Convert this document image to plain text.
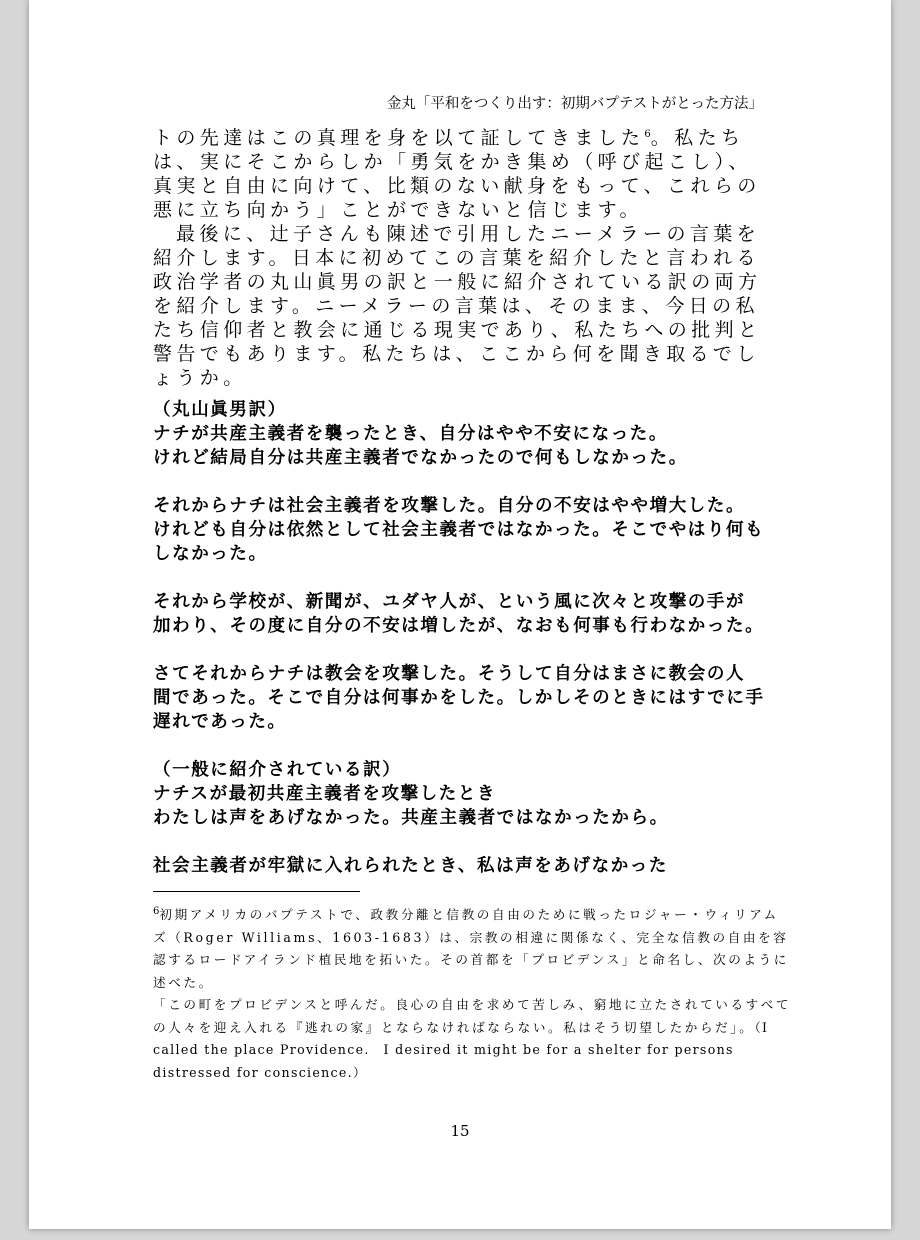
金丸「平和をつくり出す：初期バプテストがとった方法」

トの先達はこの真理を身を以て証してきました$^6$。私たちは、実にそこからしか「勇気をかき集め（呼び起こし）、真実と自由に向けて、比類のない献身をもって、これらの悪に立ち向かう」ことができないと信じます。

最後に、辻子さんも陳述で引用したニーメラーの言葉を紹介します。日本に初めてこの言葉を紹介したと言われる政治学者の丸山眞男の訳と一般に紹介されている訳の両方を紹介します。ニーメラーの言葉は、そのまま、今日の私たち信仰者と教会に通じる現実であり、私たちへの批判と警告でもあります。私たちは、ここから何を聞き取るでしょうか。

（丸山眞男訳）
ナチが共産主義者を襲ったとき、自分はやや不安になった。
けれど結局自分は共産主義者でなかったので何もしなかった。
それからナチは社会主義者を攻撃した。自分の不安はやや増大した。
けれども自分は依然として社会主義者ではなかった。そこでやはり何も
しなかった。
それから学校が、新聞が、ユダヤ人が、という風に次々と攻撃の手が
加わり、その度に自分の不安は増したが、なおも何事も行わなかった。
さてそれからナチは教会を攻撃した。そうして自分はまさに教会の人
間であった。そこで自分は何事かをした。しかしそのときにはすでに手
遅れであった。
（一般に紹介されている訳）
ナチスが最初共産主義者を攻撃したとき
わたしは声をあげなかった。共産主義者ではなかったから。
社会主義者が牢獄に入れられたとき、私は声をあげなかった

$^6$初期アメリカのバプテストで、政教分離と信教の自由のために戦ったロジャー・ウィリアムズ（Roger Williams、1603-1683）は、宗教の相違に関係なく、完全な信教の自由を容認するロードアイランド植民地を拓いた。その首都を「プロビデンス」と命名し、次のように述べた。

「この町をプロビデンスと呼んだ。良心の自由を求めて苦しみ、窮地に立たされているすべての人々を迎え入れる『逃れの家』とならなければならない。私はそう切望したからだ」。（I called the place Providence.　I desired it might be for a shelter for persons distressed for conscience.）

15
